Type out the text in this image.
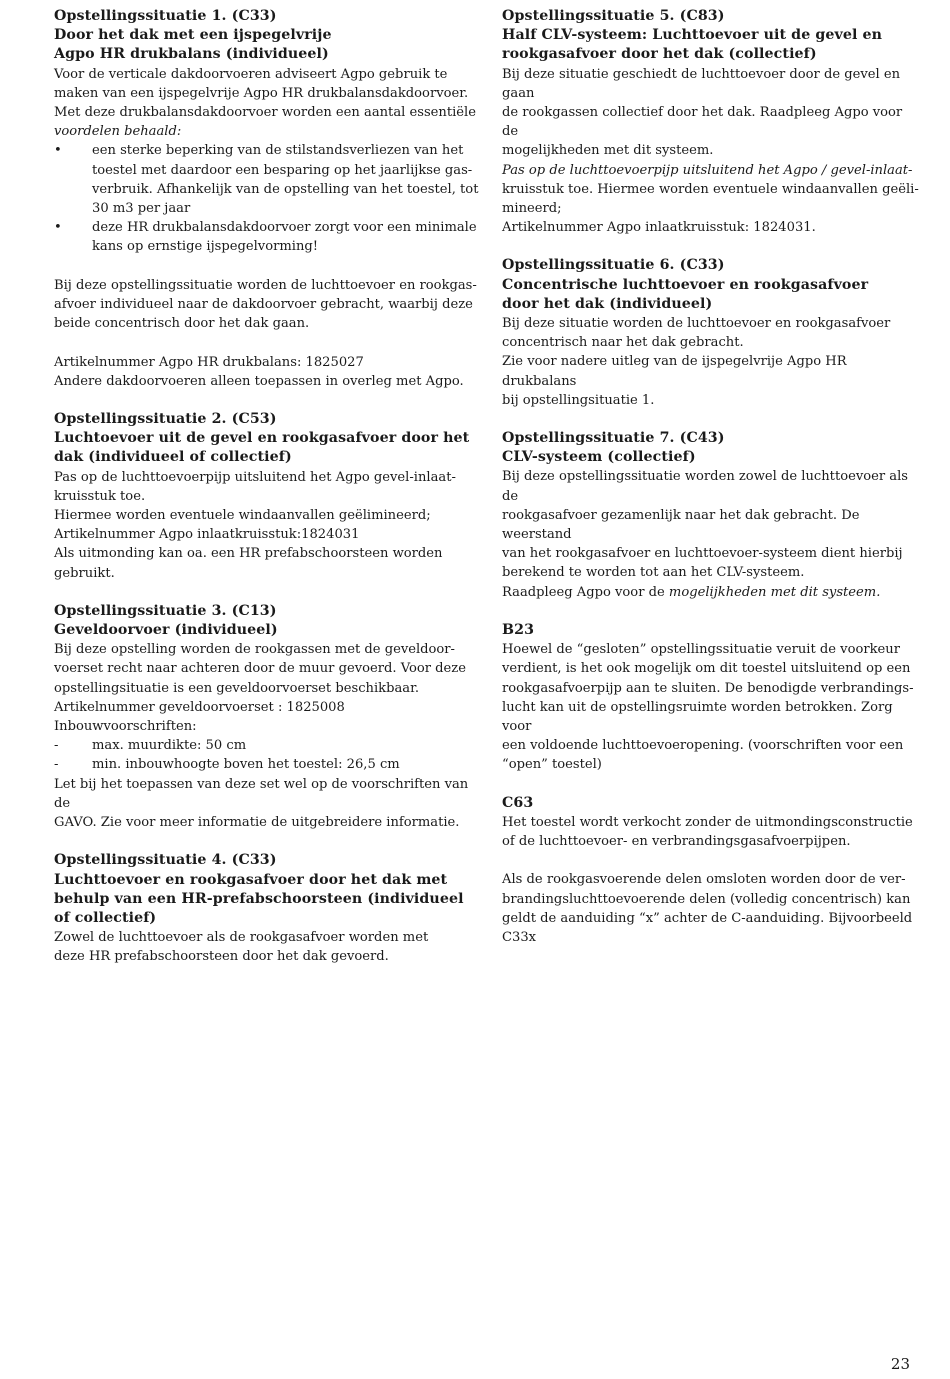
Opstellingssituatie 1. (C33)

Door het dak met een ijspegelvrije

Agpo HR drukbalans (individueel)

Voor de verticale dakdoorvoeren adviseert Agpo gebruik te

maken van een ijspegelvrije Agpo HR drukbalansdakdoorvoer.

Met deze drukbalansdakdoorvoer worden een aantal essentiële

voordelen behaald:

• een sterke beperking van de stilstandsverliezen van het
toestel met daardoor een besparing op het jaarlijkse gas-
verbruik. Afhankelijk van de opstelling van het toestel, tot
30 m3 per jaar
• deze HR drukbalansdakdoorvoer zorgt voor een minimale
kans op ernstige ijspegelvorming!

Bij deze opstellingssituatie worden de luchttoevoer en rookgas-

afvoer individueel naar de dakdoorvoer gebracht, waarbij deze

beide concentrisch door het dak gaan.

Artikelnummer Agpo HR drukbalans: 1825027

Andere dakdoorvoeren alleen toepassen in overleg met Agpo.

Opstellingssituatie 2. (C53)

Luchtoevoer uit de gevel en rookgasafvoer door het

dak (individueel of collectief)

Pas op de luchttoevoerpijp uitsluitend het Agpo gevel-inlaat-

kruisstuk toe.

Hiermee worden eventuele windaanvallen geëlimineerd;

Artikelnummer Agpo inlaatkruisstuk:1824031

Als uitmonding kan oa. een HR prefabschoorsteen worden

gebruikt.

Opstellingssituatie 3. (C13)

Geveldoorvoer (individueel)

Bij deze opstelling worden de rookgassen met de geveldoor-

voerset recht naar achteren door de muur gevoerd. Voor deze

opstellingsituatie is een geveldoorvoerset beschikbaar.

Artikelnummer geveldoorvoerset : 1825008

Inbouwvoorschriften:

-	max. muurdikte: 50 cm
-	min. inbouwhoogte boven het toestel: 26,5 cm

Let bij het toepassen van deze set wel op de voorschriften van de

GAVO. Zie voor meer informatie de uitgebreidere informatie.

Opstellingssituatie 4. (C33)

Luchttoevoer en rookgasafvoer door het dak met

behulp van een HR-prefabschoorsteen (individueel

of collectief)

Zowel de luchttoevoer als de rookgasafvoer worden met

deze HR prefabschoorsteen door het dak gevoerd.

Opstellingssituatie 5. (C83)

Half CLV-systeem: Luchttoevoer uit de gevel en

rookgasafvoer door het dak (collectief)

Bij deze situatie geschiedt de luchttoevoer door de gevel en gaan

de rookgassen collectief door het dak. Raadpleeg Agpo voor de

mogelijkheden met dit systeem.

Pas op de luchttoevoerpijp uitsluitend het Agpo / gevel-inlaat-

kruisstuk toe. Hiermee worden eventuele windaanvallen geëli-

mineerd;

Artikelnummer Agpo inlaatkruisstuk: 1824031.

Opstellingssituatie 6. (C33)

Concentrische luchttoevoer en rookgasafvoer

door het dak (individueel)

Bij deze situatie worden de luchttoevoer en rookgasafvoer

concentrisch naar het dak gebracht.

Zie voor nadere uitleg van de ijspegelvrije Agpo HR drukbalans

bij opstellingsituatie 1.

Opstellingssituatie 7. (C43)

CLV-systeem (collectief)

Bij deze opstellingssituatie worden zowel de luchttoevoer als de

rookgasafvoer gezamenlijk naar het dak gebracht. De weerstand

van het rookgasafvoer en luchttoevoer-systeem dient hierbij

berekend te worden tot aan het CLV-systeem.

Raadpleeg Agpo voor de mogelijkheden met dit systeem.

B23

Hoewel de “gesloten” opstellingssituatie veruit de voorkeur

verdient, is het ook mogelijk om dit toestel uitsluitend op een

rookgasafvoerpijp aan te sluiten. De benodigde verbrandings-

lucht kan uit de opstellingsruimte worden betrokken. Zorg voor

een voldoende luchttoevoeropening. (voorschriften voor een

“open” toestel)

C63

Het toestel wordt verkocht zonder de uitmondingsconstructie

of de luchttoevoer- en verbrandingsgasafvoerpijpen.

Als de rookgasvoerende delen omsloten worden door de ver-

brandingsluchttoevoerende delen (volledig concentrisch) kan

geldt de aanduiding “x” achter de C-aanduiding. Bijvoorbeeld

C33x

23
